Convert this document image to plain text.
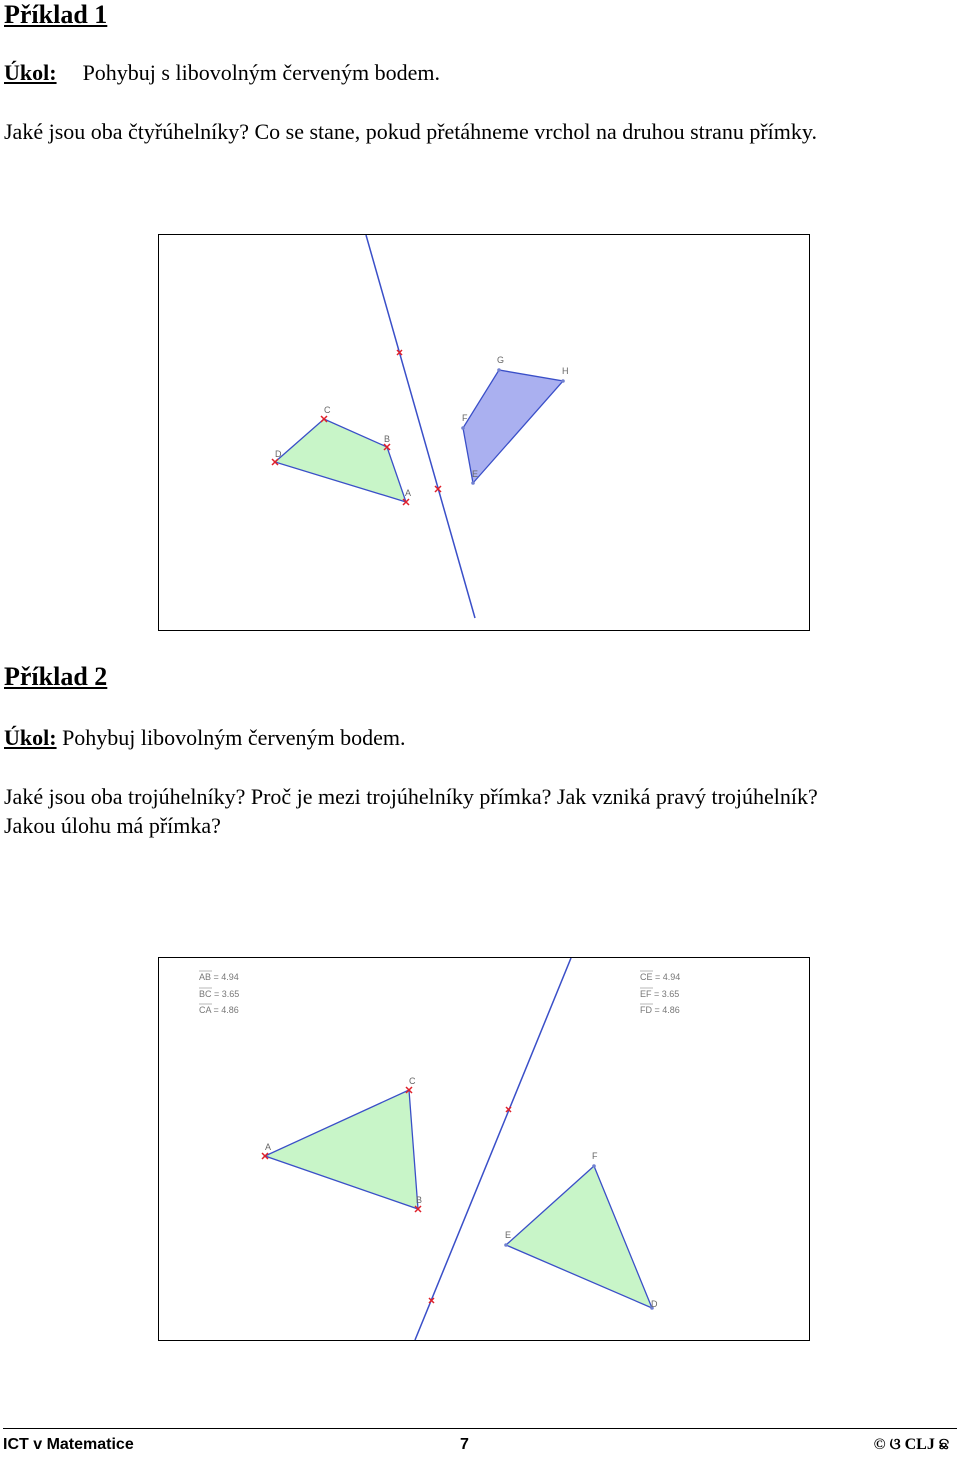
Příklad 1
Úkol: Pohybuj s libovolným červeným bodem.
Jaké jsou oba čtyřúhelníky? Co se stane, pokud přetáhneme vrchol na druhou stranu přímky.
A
B
C
D
E
F
G
H
Příklad 2
Úkol: Pohybuj libovolným červeným bodem.
Jaké jsou oba trojúhelníky? Proč je mezi trojúhelníky přímka? Jak vzniká pravý trojúhelník?
Jakou úlohu má přímka?
AB = 4.94
BC = 3.65
CA = 4.86
CE = 4.94
EF = 3.65
FD = 4.86
A
C
B
E
F
D
ICT v Matematice	7	© ଓ CLJ ଛ
